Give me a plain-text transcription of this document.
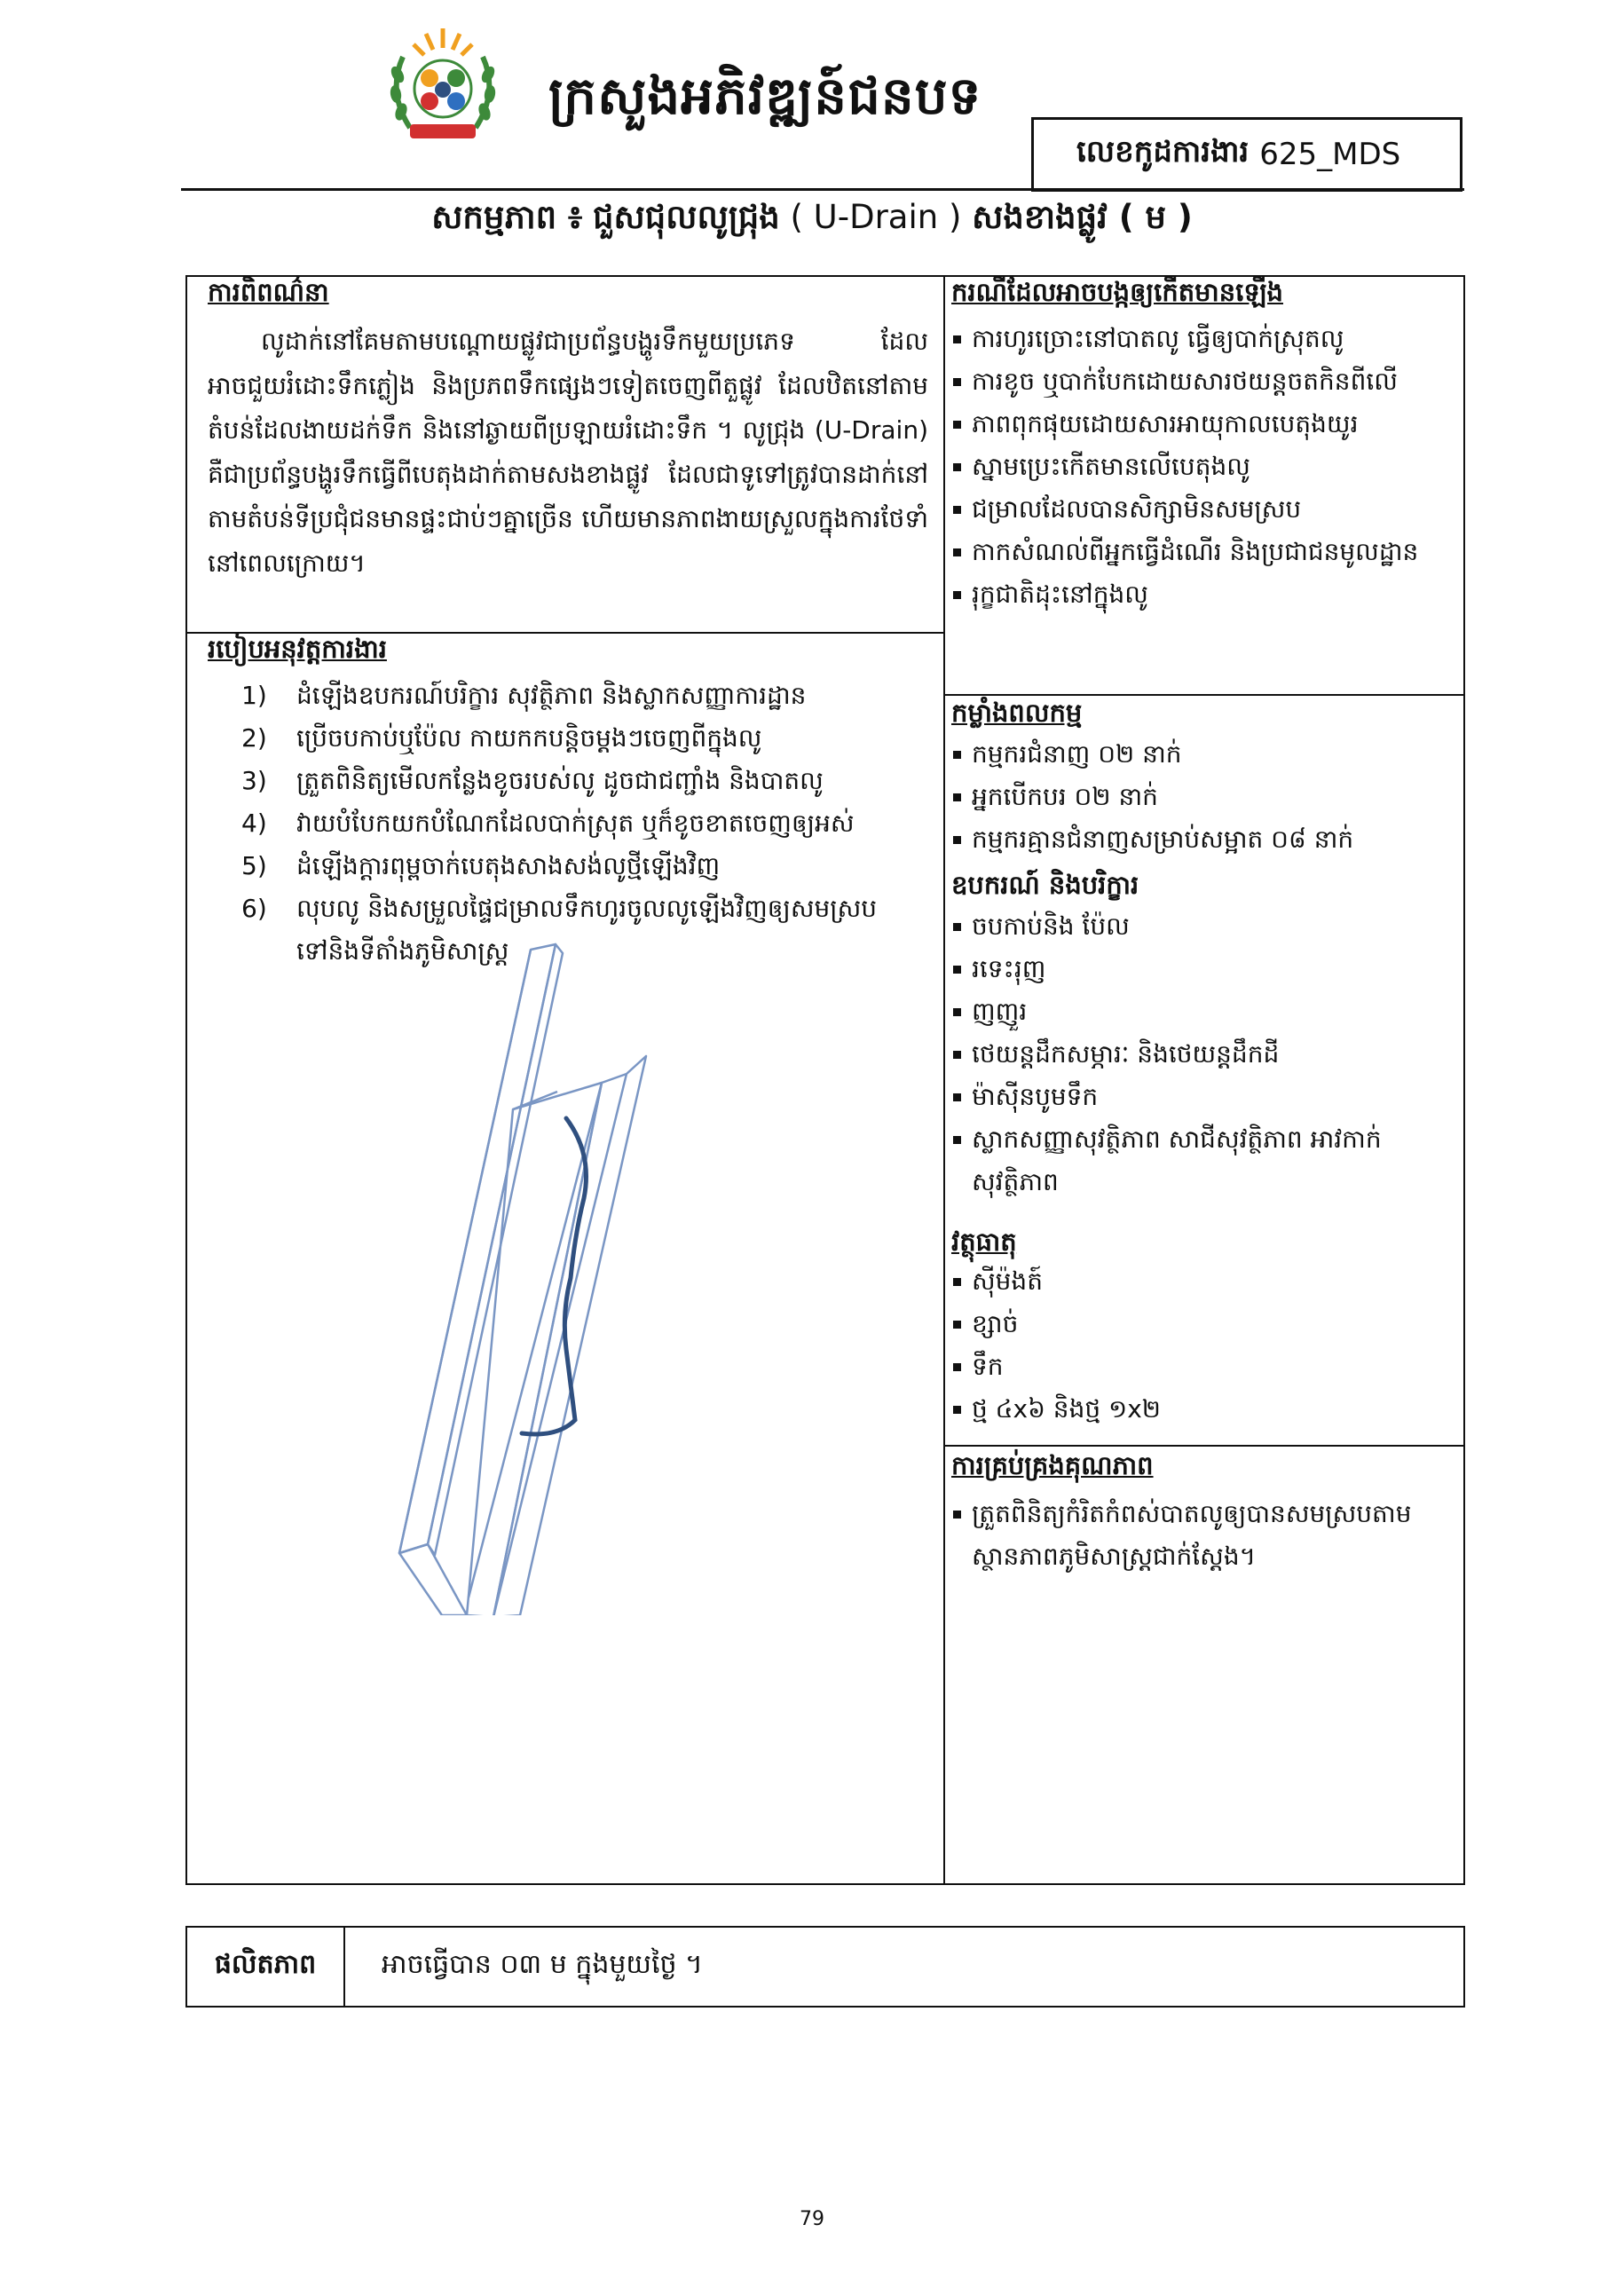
ក្រសួងអភិវឌ្ឍន៍ជនបទ
លេខកូដការងារ 625_MDS
សកម្មភាព ៖ ជួសជុលលូជ្រុង ( U-Drain ) សងខាងផ្លូវ ( ម )
ការពិពណ៌នា
លូដាក់នៅគែមតាមបណ្តោយផ្លូវជាប្រព័ន្ធបង្ហូរទឹកមួយប្រភេទ ដែលអាចជួយរំដោះទឹកភ្លៀង និងប្រភពទឹកផ្សេងៗទៀតចេញពីតួផ្លូវ ដែលឋិតនៅតាមតំបន់ដែលងាយដក់ទឹក និងនៅឆ្ងាយពីប្រឡាយរំដោះទឹក ។ លូជ្រុង (U-Drain) គឺជាប្រព័ន្ធបង្ហូរទឹកធ្វើពីបេតុងដាក់តាមសងខាងផ្លូវ ដែលជាទូទៅត្រូវបានដាក់នៅតាមតំបន់ទីប្រជុំជនមានផ្ទះជាប់ៗគ្នាច្រើន ហើយមានភាពងាយស្រួលក្នុងការថែទាំនៅពេលក្រោយ។
របៀបអនុវត្តការងារ
1)	ដំឡើងឧបករណ៍បរិក្ខារ សុវត្ថិភាព និងស្លាកសញ្ញាការដ្ឋាន
2)	ប្រើចបកាប់ឬប៉ែល កាយកកបន្តិចម្តងៗចេញពីក្នុងលូ
3)	ត្រួតពិនិត្យមើលកន្លែងខូចរបស់លូ ដូចជាជញ្ជាំង និងបាតលូ
4)	វាយបំបែកយកបំណែកដែលបាក់ស្រុត ឬក៏ខូចខាតចេញឲ្យអស់
5)	ដំឡើងក្តារពុម្ពចាក់បេតុងសាងសង់លូថ្មីឡើងវិញ
6)	លុបលូ និងសម្រួលផ្ទៃជម្រាលទឹកហូរចូលលូឡើងវិញឲ្យសមស្របទៅនិងទីតាំងភូមិសាស្ត្រ
ករណីដែលអាចបង្កឲ្យកើតមានឡើង
ការហូរច្រោះនៅបាតលូ ធ្វើឲ្យបាក់ស្រុតលូ
ការខូច ឬបាក់បែកដោយសារថយន្តចតកិនពីលើ
ភាពពុកផុយដោយសារអាយុកាលបេតុងយូរ
ស្នាមប្រេះកើតមានលើបេតុងលូ
ជម្រាលដែលបានសិក្សាមិនសមស្រប
កាកសំណល់ពីអ្នកធ្វើដំណើរ និងប្រជាជនមូលដ្ឋាន
រុក្ខជាតិដុះនៅក្នុងលូ
កម្លាំងពលកម្ម
កម្មករជំនាញ ០២ នាក់
អ្នកបើកបរ ០២ នាក់
កម្មករគ្មានជំនាញសម្រាប់សម្អាត ០៨ នាក់
ឧបករណ៍ និងបរិក្ខារ
ចបកាប់និង ប៉ែល
រទេះរុញ
ញញួរ
ថេយន្តដឹកសម្ភារៈ និងថេយន្តដឹកដី
ម៉ាស៊ីនបូមទឹក
ស្លាកសញ្ញាសុវត្ថិភាព សាជីសុវត្ថិភាព អាវកាក់សុវត្ថិភាព
វត្ថុធាតុ
ស៊ីម៉ងត៍
ខ្សាច់
ទឹក
ថ្ម ៤x៦ និងថ្ម ១x២
ការគ្រប់គ្រងគុណភាព
ត្រួតពិនិត្យកំរិតកំពស់បាតលូឲ្យបានសមស្របតាមស្ថានភាពភូមិសាស្ត្រជាក់ស្តែង។
ផលិតភាព	អាចធ្វើបាន ០៣ ម ក្នុងមួយថ្ងៃ ។
79
